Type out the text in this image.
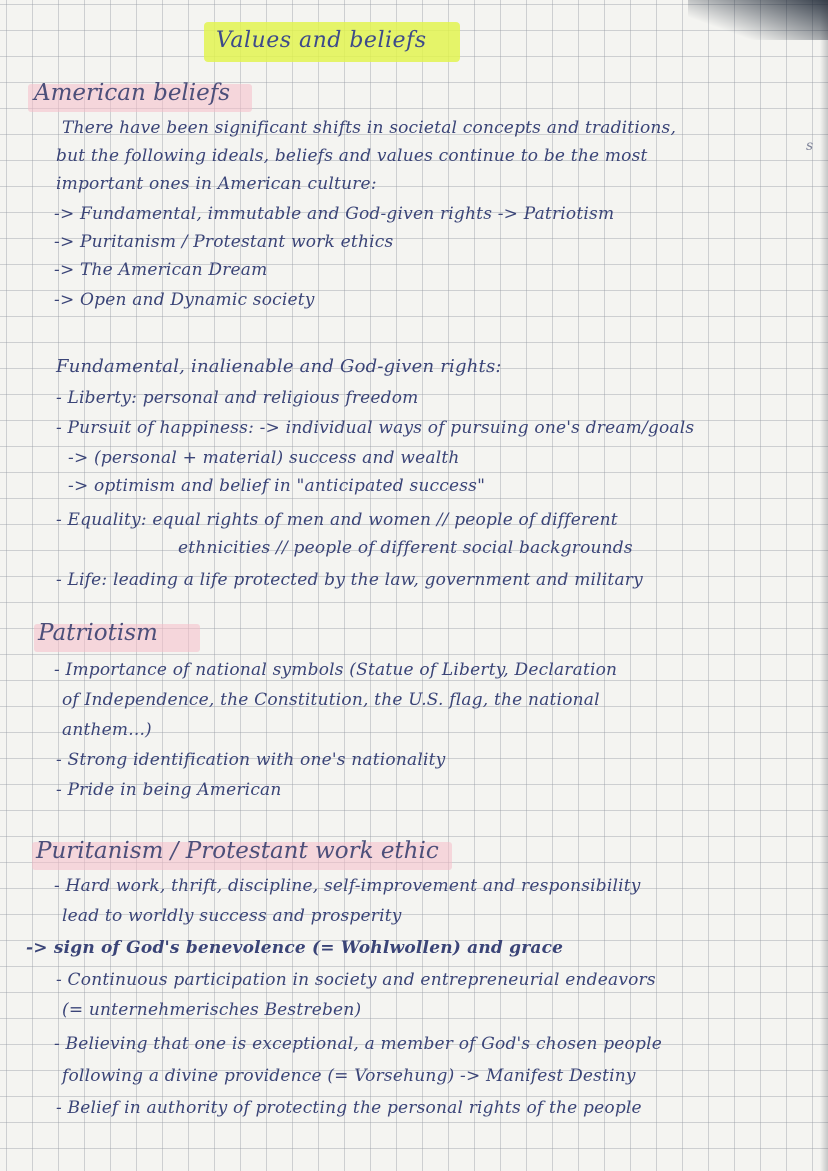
s
Values and beliefs
American beliefs
There have been significant shifts in societal concepts and traditions,
but the following ideals, beliefs and values continue to be the most
important ones in American culture:
-> Fundamental, immutable and God-given rights -> Patriotism
-> Puritanism / Protestant work ethics
-> The American Dream
-> Open and Dynamic society
Fundamental, inalienable and God-given rights:
- Liberty: personal and religious freedom
- Pursuit of happiness: -> individual ways of pursuing one's dream/goals
-> (personal + material) success and wealth
-> optimism and belief in "anticipated success"
- Equality: equal rights of men and women // people of different
ethnicities // people of different social backgrounds
- Life: leading a life protected by the law, government and military
Patriotism
- Importance of national symbols (Statue of Liberty, Declaration
of Independence, the Constitution, the U.S. flag, the national
anthem...)
- Strong identification with one's nationality
- Pride in being American
Puritanism / Protestant work ethic
- Hard work, thrift, discipline, self-improvement and responsibility
lead to worldly success and prosperity
-> sign of God's benevolence (= Wohlwollen) and grace
- Continuous participation in society and entrepreneurial endeavors
(= unternehmerisches Bestreben)
- Believing that one is exceptional, a member of God's chosen people
following a divine providence (= Vorsehung) -> Manifest Destiny
- Belief in authority of protecting the personal rights of the people
